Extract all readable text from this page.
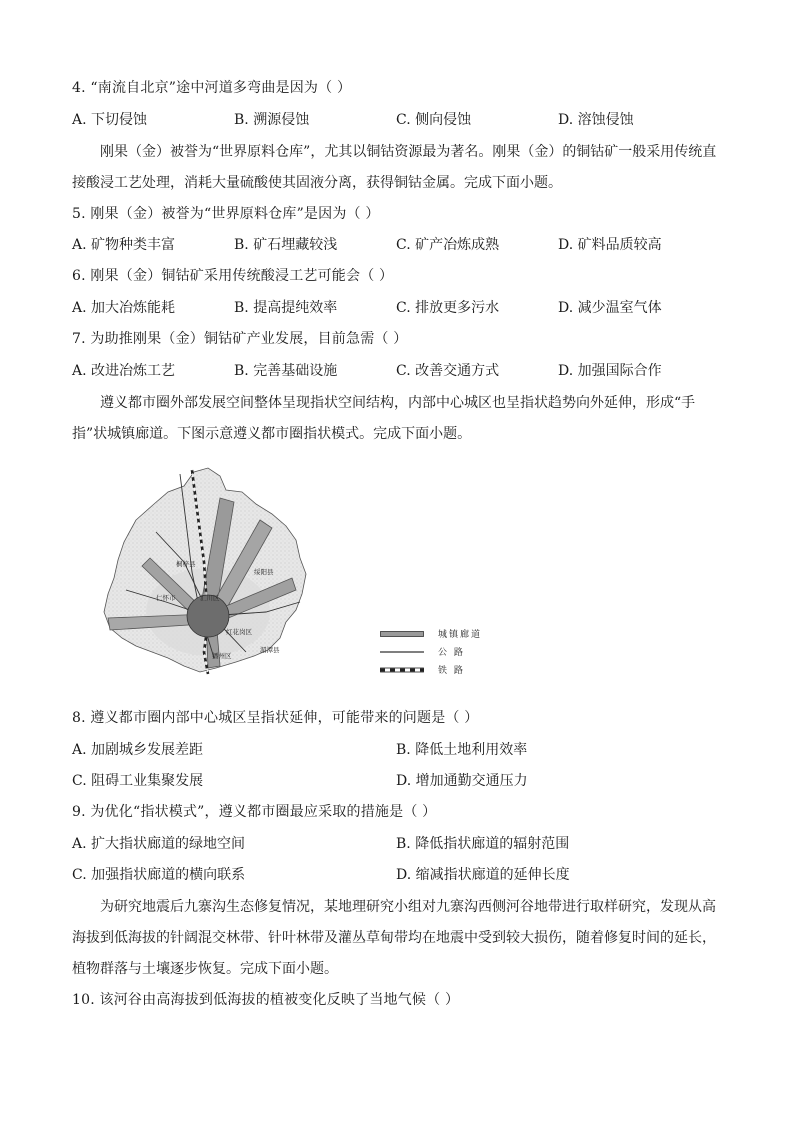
4. “南流自北京”途中河道多弯曲是因为（ ）
A. 下切侵蚀	B. 溯源侵蚀	C. 侧向侵蚀	D. 溶蚀侵蚀
刚果（金）被誉为“世界原料仓库”，尤其以铜钴资源最为著名。刚果（金）的铜钴矿一般采用传统直
接酸浸工艺处理，消耗大量硫酸使其固液分离，获得铜钴金属。完成下面小题。
5. 刚果（金）被誉为“世界原料仓库”是因为（ ）
A. 矿物种类丰富	B. 矿石埋藏较浅	C. 矿产冶炼成熟	D. 矿料品质较高
6. 刚果（金）铜钴矿采用传统酸浸工艺可能会（ ）
A. 加大冶炼能耗	B. 提高提纯效率	C. 排放更多污水	D. 减少温室气体
7. 为助推刚果（金）铜钴矿产业发展，目前急需（ ）
A. 改进冶炼工艺	B. 完善基础设施	C. 改善交通方式	D. 加强国际合作
遵义都市圈外部发展空间整体呈现指状空间结构，内部中心城区也呈指状趋势向外延伸，形成“手
指”状城镇廊道。下图示意遵义都市圈指状模式。完成下面小题。
桐梓县
绥阳县
仁怀市	汇川区
红花岗区
播州区
湄潭县
城镇廊道
公 路
铁 路
8. 遵义都市圈内部中心城区呈指状延伸，可能带来的问题是（ ）
A. 加剧城乡发展差距	B. 降低土地利用效率
C. 阻碍工业集聚发展	D. 增加通勤交通压力
9. 为优化“指状模式”，遵义都市圈最应采取的措施是（ ）
A. 扩大指状廊道的绿地空间	B. 降低指状廊道的辐射范围
C. 加强指状廊道的横向联系	D. 缩减指状廊道的延伸长度
为研究地震后九寨沟生态修复情况，某地理研究小组对九寨沟西侧河谷地带进行取样研究，发现从高
海拔到低海拔的针阔混交林带、针叶林带及灌丛草甸带均在地震中受到较大损伤，随着修复时间的延长，
植物群落与土壤逐步恢复。完成下面小题。
10. 该河谷由高海拔到低海拔的植被变化反映了当地气候（ ）
